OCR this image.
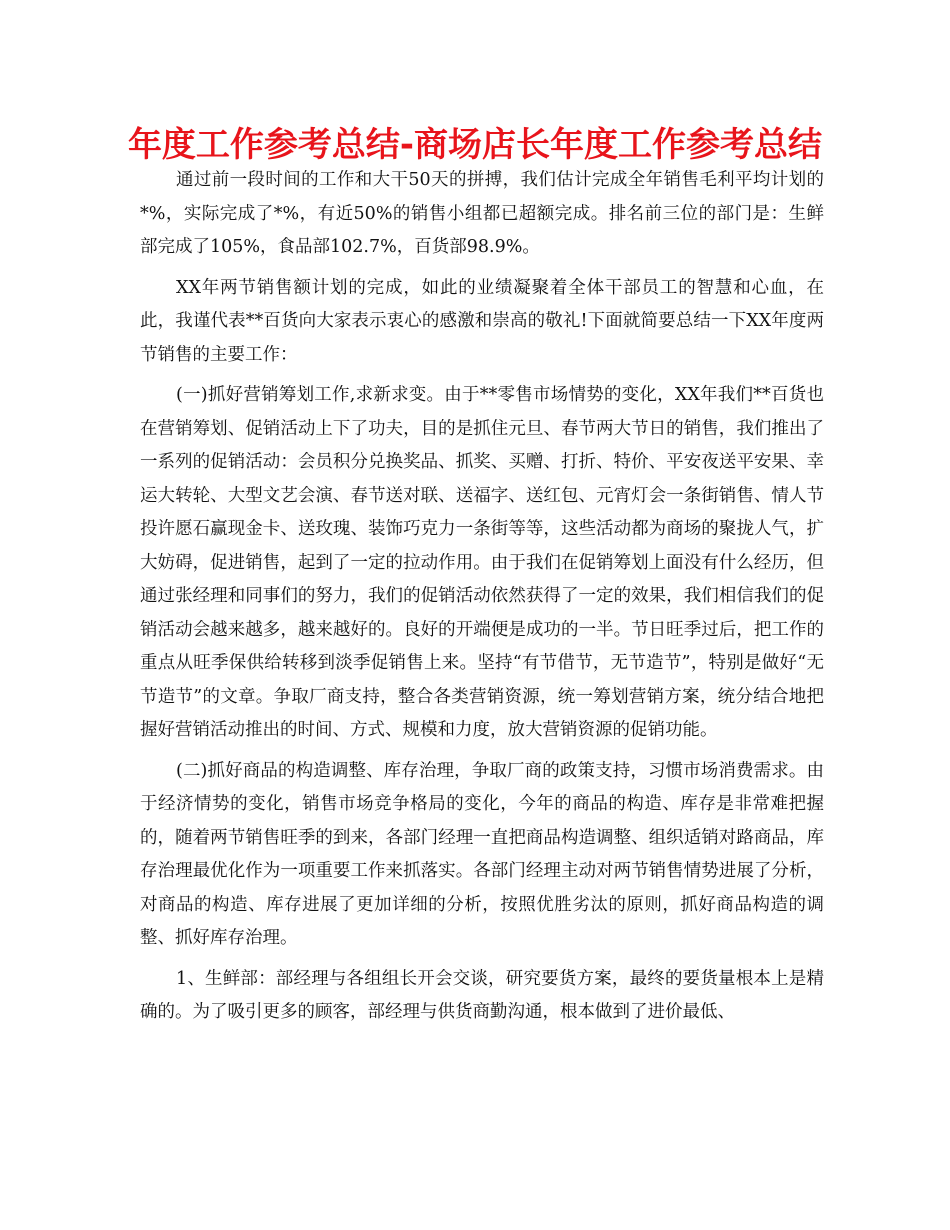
年度工作参考总结-商场店长年度工作参考总结

通过前一段时间的工作和大干50天的拼搏，我们估计完成全年销售毛利平均计划的*%，实际完成了*%，有近50%的销售小组都已超额完成。排名前三位的部门是：生鲜部完成了105%，食品部102.7%，百货部98.9%。

XX年两节销售额计划的完成，如此的业绩凝聚着全体干部员工的智慧和心血，在此，我谨代表**百货向大家表示衷心的感激和崇高的敬礼!下面就简要总结一下XX年度两节销售的主要工作：

(一)抓好营销筹划工作,求新求变。由于**零售市场情势的变化，XX年我们**百货也在营销筹划、促销活动上下了功夫，目的是抓住元旦、春节两大节日的销售，我们推出了一系列的促销活动：会员积分兑换奖品、抓奖、买赠、打折、特价、平安夜送平安果、幸运大转轮、大型文艺会演、春节送对联、送福字、送红包、元宵灯会一条街销售、情人节投许愿石赢现金卡、送玫瑰、装饰巧克力一条街等等，这些活动都为商场的聚拢人气，扩大妨碍，促进销售，起到了一定的拉动作用。由于我们在促销筹划上面没有什么经历，但通过张经理和同事们的努力，我们的促销活动依然获得了一定的效果，我们相信我们的促销活动会越来越多，越来越好的。良好的开端便是成功的一半。节日旺季过后，把工作的重点从旺季保供给转移到淡季促销售上来。坚持“有节借节，无节造节”，特别是做好“无节造节”的文章。争取厂商支持，整合各类营销资源，统一筹划营销方案，统分结合地把握好营销活动推出的时间、方式、规模和力度，放大营销资源的促销功能。

(二)抓好商品的构造调整、库存治理，争取厂商的政策支持，习惯市场消费需求。由于经济情势的变化，销售市场竞争格局的变化，今年的商品的构造、库存是非常难把握的，随着两节销售旺季的到来，各部门经理一直把商品构造调整、组织适销对路商品，库存治理最优化作为一项重要工作来抓落实。各部门经理主动对两节销售情势进展了分析，对商品的构造、库存进展了更加详细的分析，按照优胜劣汰的原则，抓好商品构造的调整、抓好库存治理。

1、生鲜部：部经理与各组组长开会交谈，研究要货方案，最终的要货量根本上是精确的。为了吸引更多的顾客，部经理与供货商勤沟通，根本做到了进价最低、
